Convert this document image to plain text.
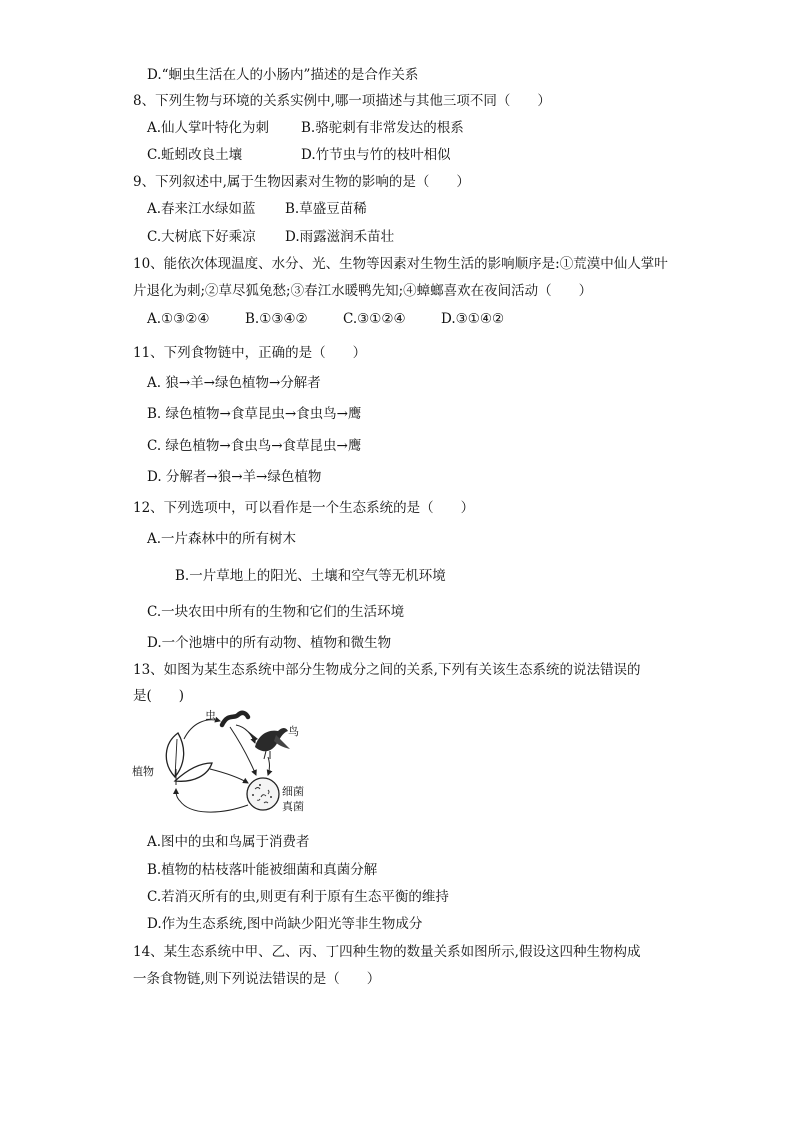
D.“蛔虫生活在人的小肠内”描述的是合作关系
8、下列生物与环境的关系实例中,哪一项描述与其他三项不同（　　）
A.仙人掌叶特化为刺 B.骆驼刺有非常发达的根系
C.蚯蚓改良土壤	D.竹节虫与竹的枝叶相似
9、下列叙述中,属于生物因素对生物的影响的是（　　）
A.春来江水绿如蓝 B.草盛豆苗稀
C.大树底下好乘凉 D.雨露滋润禾苗壮
10、能依次体现温度、水分、光、生物等因素对生物生活的影响顺序是:①荒漠中仙人掌叶
片退化为刺;②草尽狐兔愁;③春江水暖鸭先知;④蟑螂喜欢在夜间活动（　　）
A.①③②④	B.①③④②	C.③①②④	D.③①④②
11、下列食物链中，正确的是（　　）
A. 狼→羊→绿色植物→分解者
B. 绿色植物→食草昆虫→食虫鸟→鹰
C. 绿色植物→食虫鸟→食草昆虫→鹰
D. 分解者→狼→羊→绿色植物
12、下列选项中，可以看作是一个生态系统的是（　　）
A.一片森林中的所有树木
B.一片草地上的阳光、土壤和空气等无机环境
C.一块农田中所有的生物和它们的生活环境
D.一个池塘中的所有动物、植物和微生物
13、如图为某生态系统中部分生物成分之间的关系,下列有关该生态系统的说法错误的
是(　　)
虫
鸟
植物
细菌
真菌
A.图中的虫和鸟属于消费者
B.植物的枯枝落叶能被细菌和真菌分解
C.若消灭所有的虫,则更有利于原有生态平衡的维持
D.作为生态系统,图中尚缺少阳光等非生物成分
14、某生态系统中甲、乙、丙、丁四种生物的数量关系如图所示,假设这四种生物构成
一条食物链,则下列说法错误的是（　　）
